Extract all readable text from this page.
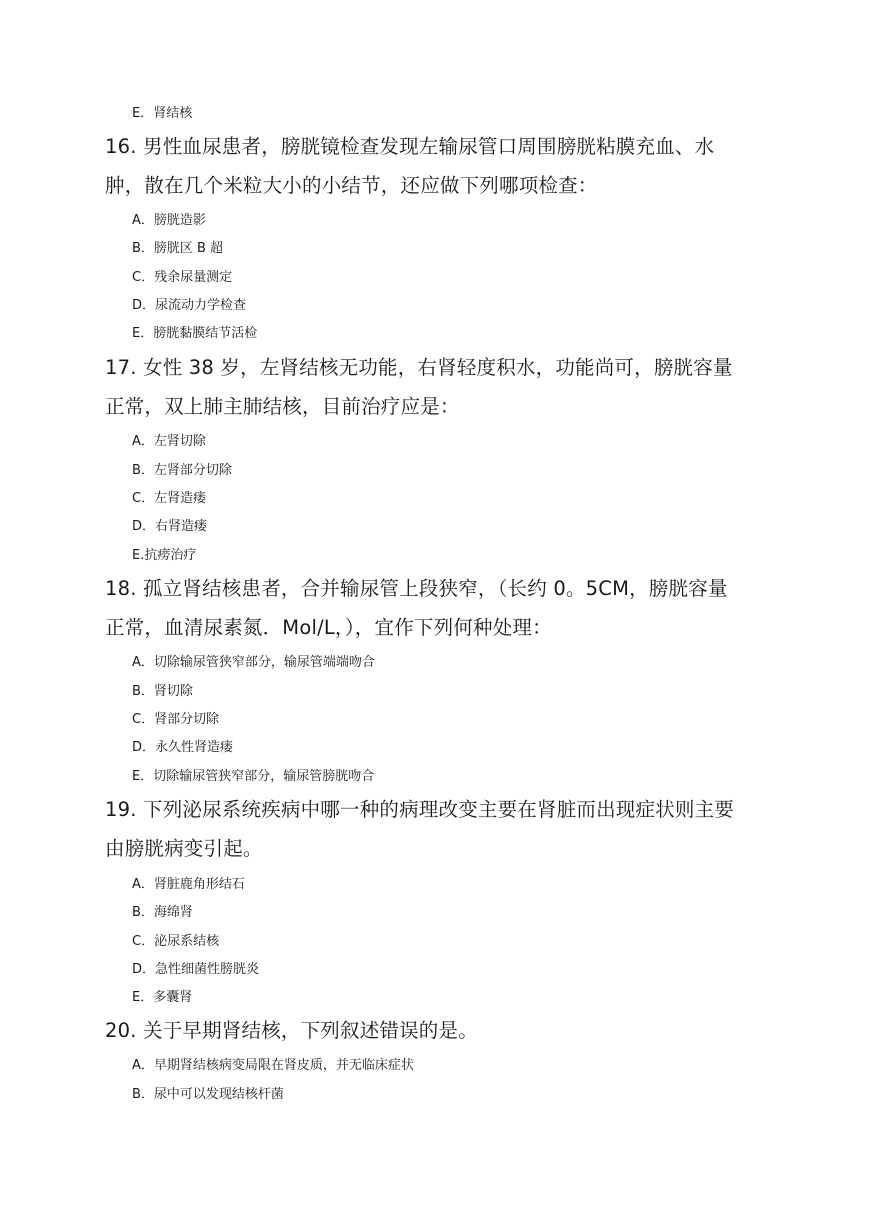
E．肾结核
16. 男性血尿患者，膀胱镜检查发现左输尿管口周围膀胱粘膜充血、水
肿，散在几个米粒大小的小结节，还应做下列哪项检查：
A．膀胱造影
B．膀胱区 B 超
C．残余尿量测定
D．尿流动力学检查
E．膀胱黏膜结节活检
17. 女性 38 岁，左肾结核无功能，右肾轻度积水，功能尚可，膀胱容量
正常，双上肺主肺结核，目前治疗应是：
A．左肾切除
B．左肾部分切除
C．左肾造瘘
D．右肾造瘘
E.抗痨治疗
18. 孤立肾结核患者，合并输尿管上段狭窄，（长约 0。5CM，膀胱容量
正常，血清尿素氮．Mol/L，），宜作下列何种处理：
A．切除输尿管狭窄部分，输尿管端端吻合
B．肾切除
C．肾部分切除
D．永久性肾造瘘
E．切除输尿管狭窄部分，输尿管膀胱吻合
19. 下列泌尿系统疾病中哪一种的病理改变主要在肾脏而出现症状则主要
由膀胱病变引起。
A．肾脏鹿角形结石
B．海绵肾
C．泌尿系结核
D．急性细菌性膀胱炎
E．多囊肾
20. 关于早期肾结核，下列叙述错误的是。
A．早期肾结核病变局限在肾皮质，并无临床症状
B．尿中可以发现结核杆菌
